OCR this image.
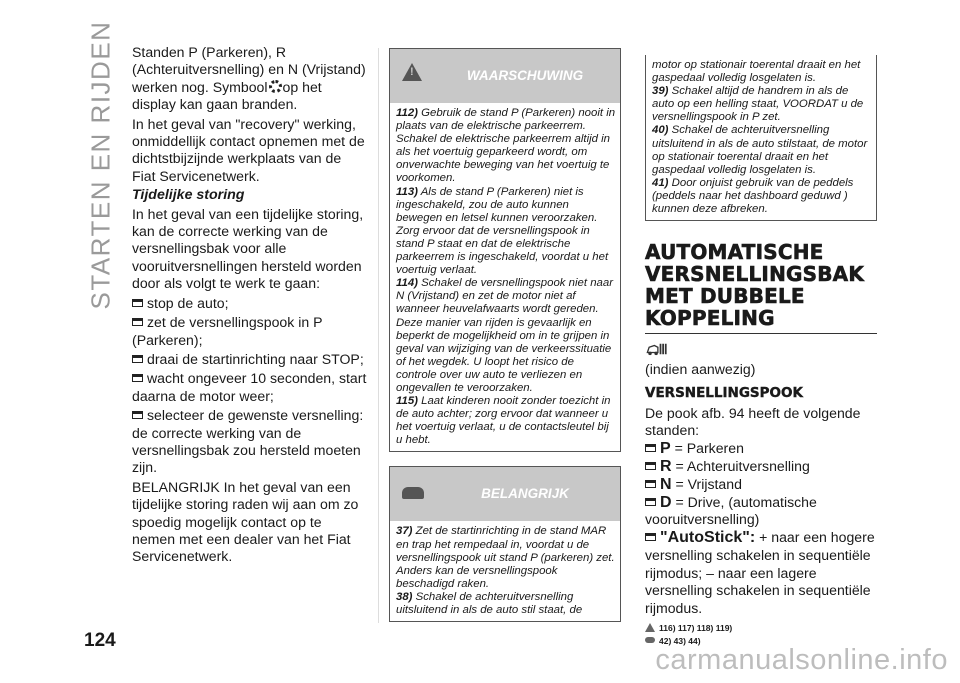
STARTEN EN RIJDEN
124

Standen P (Parkeren), R (Achteruitversnelling) en N (Vrijstand) werken nog. Symbool op het display kan gaan branden.

In het geval van "recovery" werking, onmiddellijk contact opnemen met de dichtstbijzijnde werkplaats van de Fiat Servicenetwerk.

Tijdelijke storing

In het geval van een tijdelijke storing, kan de correcte werking van de versnellingsbak voor alle vooruitversnellingen hersteld worden door als volgt te werk te gaan:

stop de auto;

zet de versnellingspook in P (Parkeren);

draai de startinrichting naar STOP;

wacht ongeveer 10 seconden, start daarna de motor weer;

selecteer de gewenste versnelling: de correcte werking van de versnellingsbak zou hersteld moeten zijn.

BELANGRIJK In het geval van een tijdelijke storing raden wij aan om zo spoedig mogelijk contact op te nemen met een dealer van het Fiat Servicenetwerk.

!
WAARSCHUWING

112) Gebruik de stand P (Parkeren) nooit in plaats van de elektrische parkeerrem. Schakel de elektrische parkeerrem altijd in als het voertuig geparkeerd wordt, om onverwachte beweging van het voertuig te voorkomen.

113) Als de stand P (Parkeren) niet is ingeschakeld, zou de auto kunnen bewegen en letsel kunnen veroorzaken. Zorg ervoor dat de versnellingspook in stand P staat en dat de elektrische parkeerrem is ingeschakeld, voordat u het voertuig verlaat.

114) Schakel de versnellingspook niet naar N (Vrijstand) en zet de motor niet af wanneer heuvelafwaarts wordt gereden. Deze manier van rijden is gevaarlijk en beperkt de mogelijkheid om in te grijpen in geval van wijziging van de verkeerssituatie of het wegdek. U loopt het risico de controle over uw auto te verliezen en ongevallen te veroorzaken.

115) Laat kinderen nooit zonder toezicht in de auto achter; zorg ervoor dat wanneer u het voertuig verlaat, u de contactsleutel bij u hebt.

BELANGRIJK

37) Zet de startinrichting in de stand MAR en trap het rempedaal in, voordat u de versnellingspook uit stand P (parkeren) zet. Anders kan de versnellingspook beschadigd raken.

38) Schakel de achteruitversnelling uitsluitend in als de auto stil staat, de

motor op stationair toerental draait en het gaspedaal volledig losgelaten is.

39) Schakel altijd de handrem in als de auto op een helling staat, VOORDAT u de versnellingspook in P zet.

40) Schakel de achteruitversnelling uitsluitend in als de auto stilstaat, de motor op stationair toerental draait en het gaspedaal volledig losgelaten is.

41) Door onjuist gebruik van de peddels (peddels naar het dashboard geduwd ) kunnen deze afbreken.

AUTOMATISCHE VERSNELLINGSBAK MET DUBBELE KOPPELING

(indien aanwezig)

VERSNELLINGSPOOK

De pook afb. 94 heeft de volgende standen:

P = Parkeren

R = Achteruitversnelling

N = Vrijstand

D = Drive, (automatische vooruitversnelling)

"AutoStick": + naar een hogere versnelling schakelen in sequentiële rijmodus; – naar een lagere versnelling schakelen in sequentiële rijmodus.

116) 117) 118) 119)
42) 43) 44)
carmanualsonline.info
